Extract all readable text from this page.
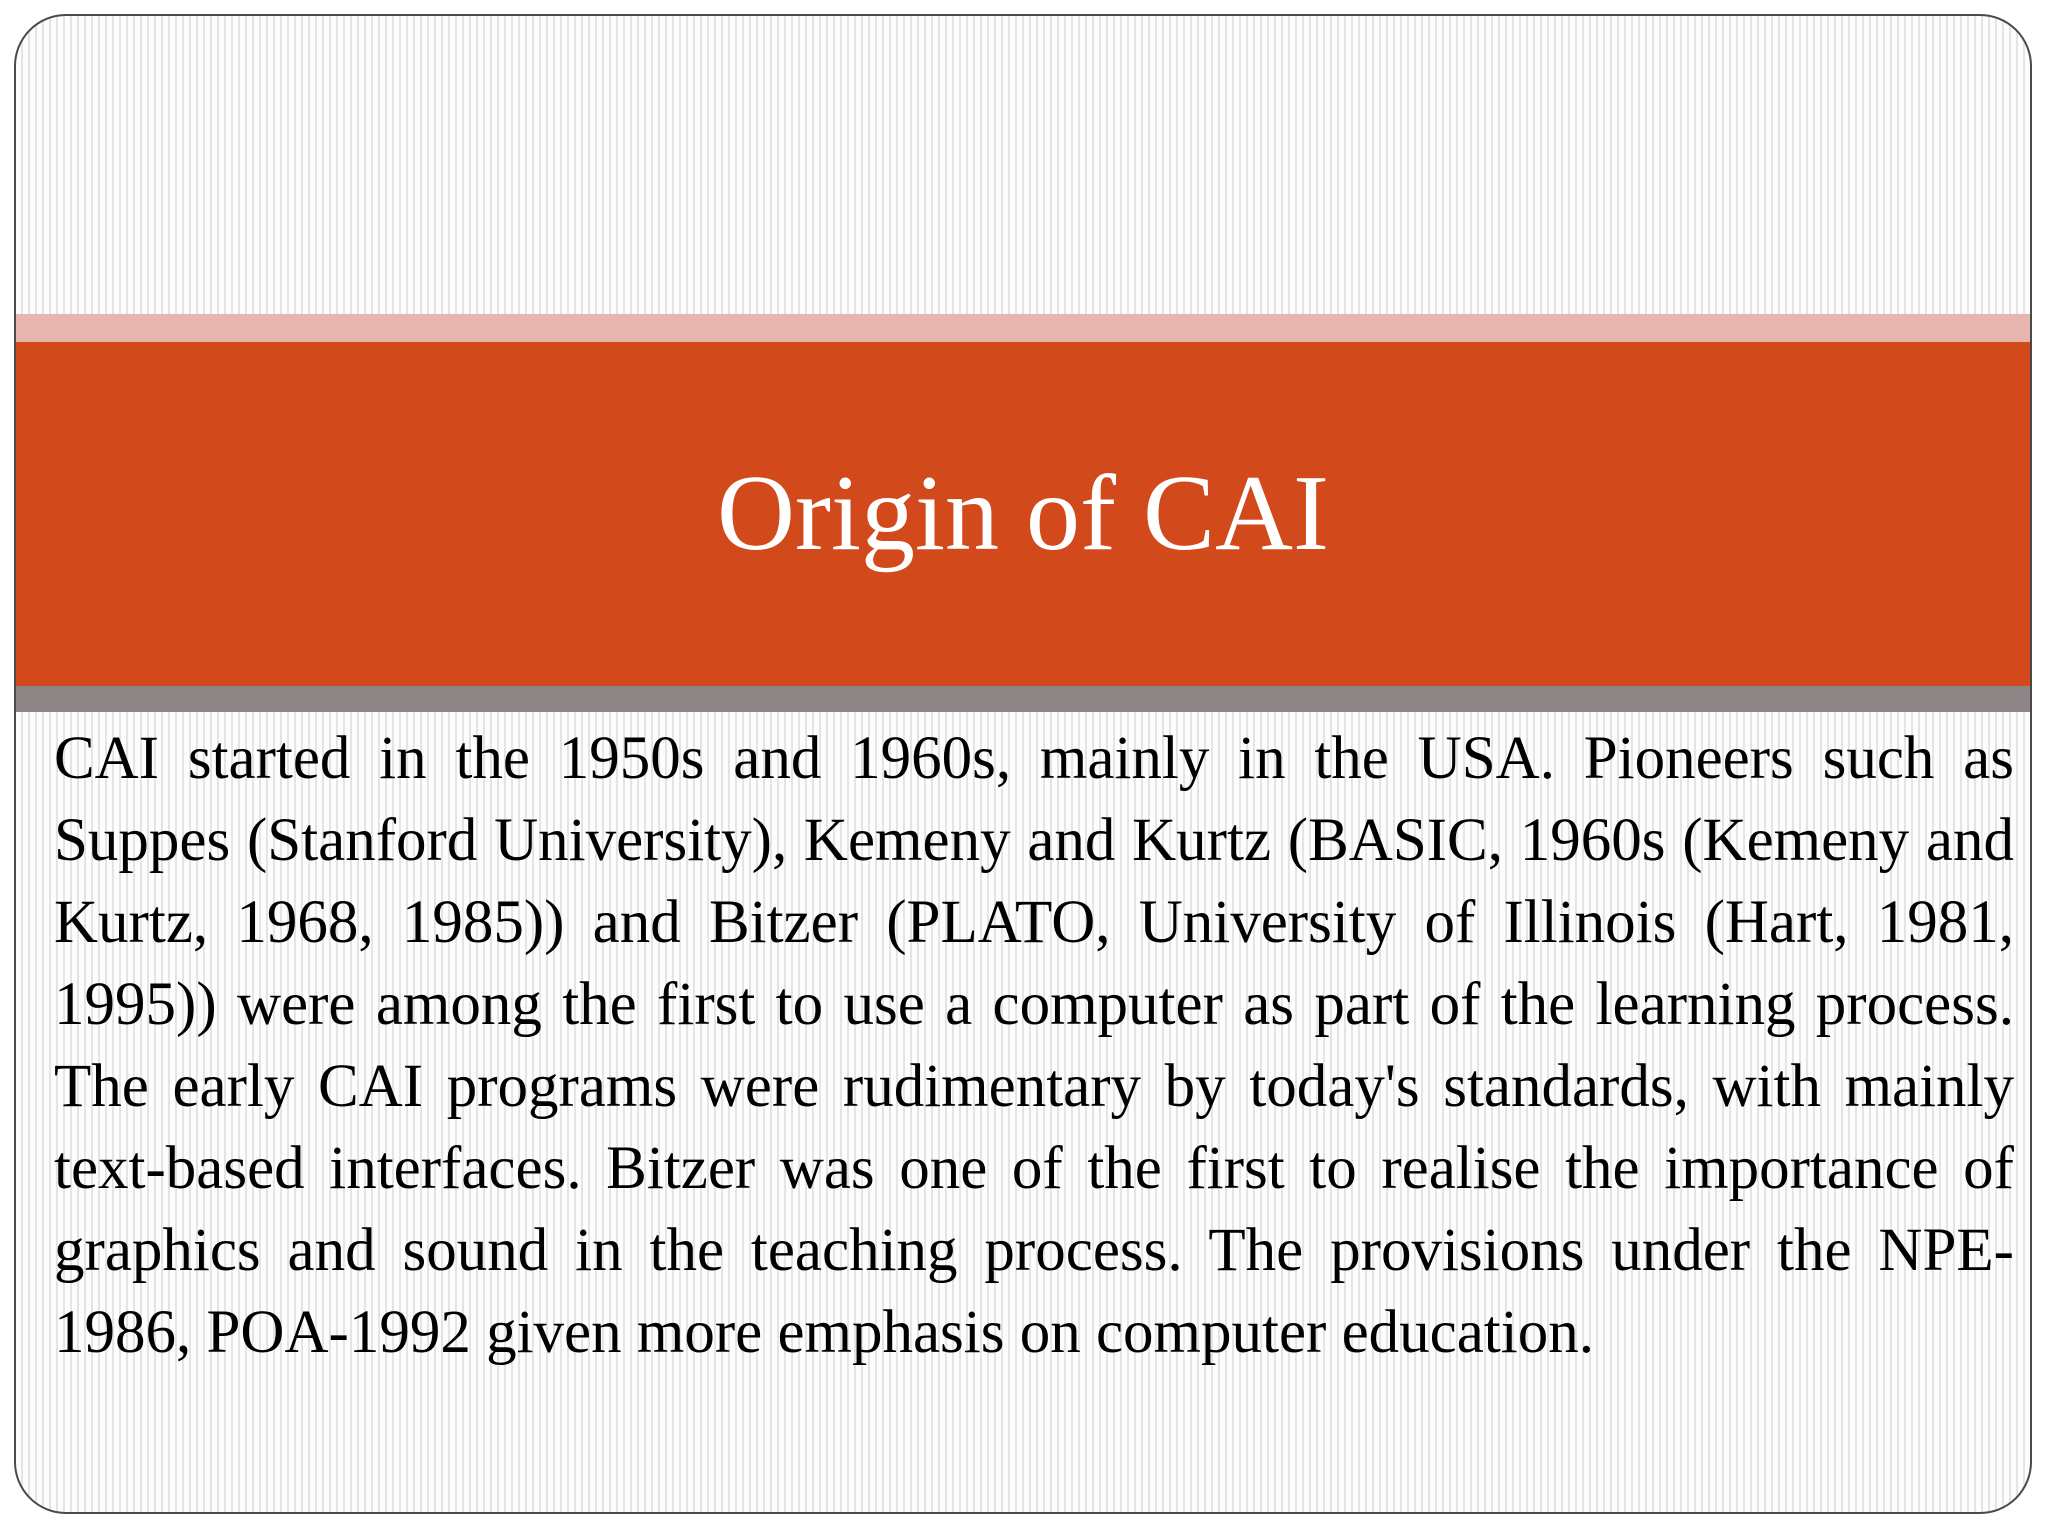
Origin of CAI

CAI started in the 1950s and 1960s, mainly in the USA. Pioneers such as Suppes (Stanford University), Kemeny and Kurtz (BASIC, 1960s (Kemeny and Kurtz, 1968, 1985)) and Bitzer (PLATO, University of Illinois (Hart, 1981, 1995)) were among the first to use a computer as part of the learning process. The early CAI programs were rudimentary by today's standards, with mainly text-based interfaces. Bitzer was one of the first to realise the importance of graphics and sound in the teaching process. The provisions under the NPE-1986, POA-1992 given more emphasis on computer education.
